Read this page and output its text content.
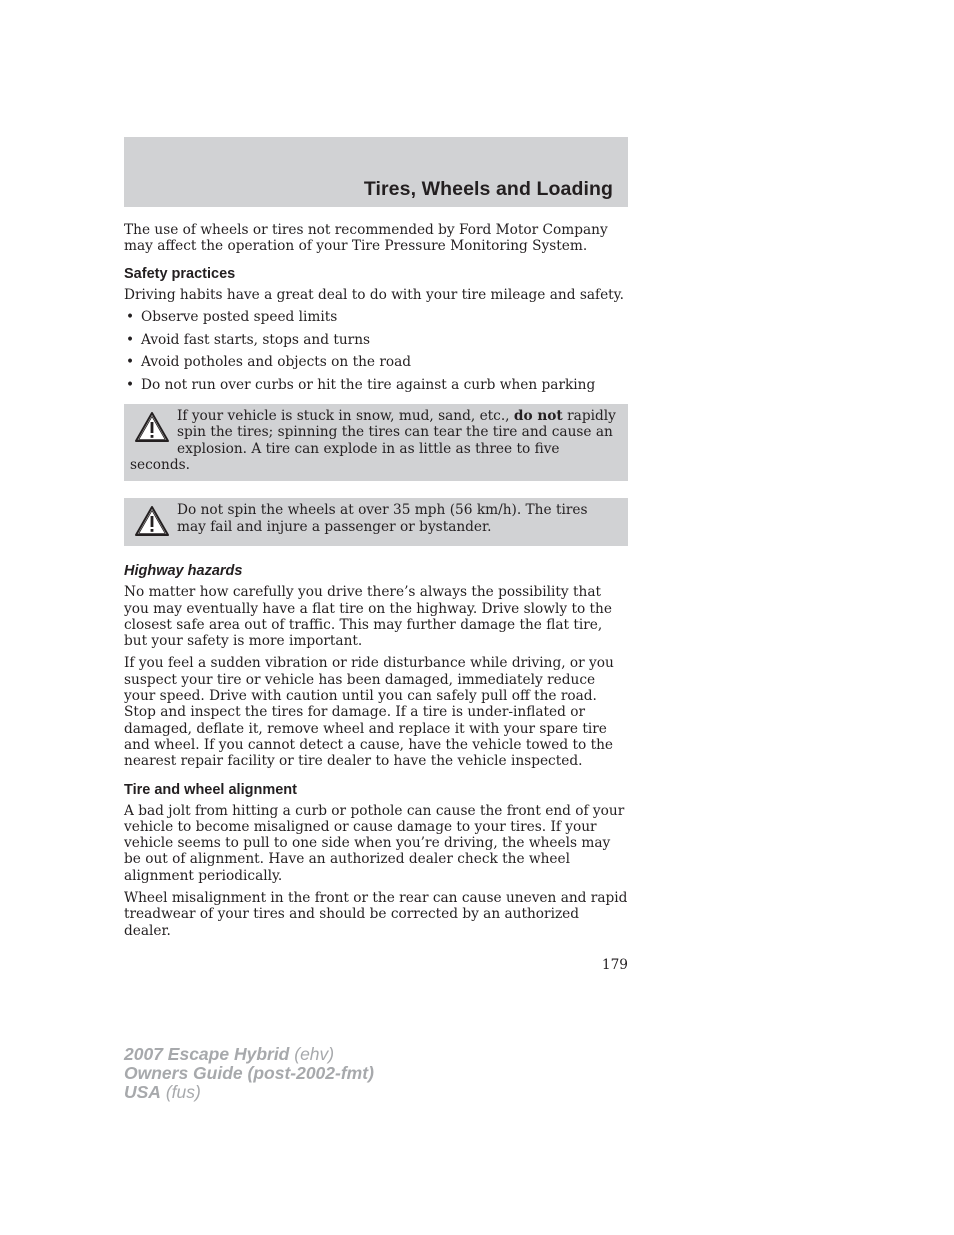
Tires, Wheels and Loading

The use of wheels or tires not recommended by Ford Motor Company may affect the operation of your Tire Pressure Monitoring System.

Safety practices

Driving habits have a great deal to do with your tire mileage and safety.

• Observe posted speed limits
• Avoid fast starts, stops and turns
• Avoid potholes and objects on the road
• Do not run over curbs or hit the tire against a curb when parking
If your vehicle is stuck in snow, mud, sand, etc., do not rapidly spin the tires; spinning the tires can tear the tire and cause an explosion. A tire can explode in as little as three to five seconds.
Do not spin the wheels at over 35 mph (56 km/h). The tires may fail and injure a passenger or bystander.
Highway hazards

No matter how carefully you drive there’s always the possibility that you may eventually have a flat tire on the highway. Drive slowly to the closest safe area out of traffic. This may further damage the flat tire, but your safety is more important.

If you feel a sudden vibration or ride disturbance while driving, or you suspect your tire or vehicle has been damaged, immediately reduce your speed. Drive with caution until you can safely pull off the road. Stop and inspect the tires for damage. If a tire is under-inflated or damaged, deflate it, remove wheel and replace it with your spare tire and wheel. If you cannot detect a cause, have the vehicle towed to the nearest repair facility or tire dealer to have the vehicle inspected.

Tire and wheel alignment

A bad jolt from hitting a curb or pothole can cause the front end of your vehicle to become misaligned or cause damage to your tires. If your vehicle seems to pull to one side when you’re driving, the wheels may be out of alignment. Have an authorized dealer check the wheel alignment periodically.

Wheel misalignment in the front or the rear can cause uneven and rapid treadwear of your tires and should be corrected by an authorized dealer.

179
2007 Escape Hybrid (ehv)
Owners Guide (post-2002-fmt)
USA (fus)
